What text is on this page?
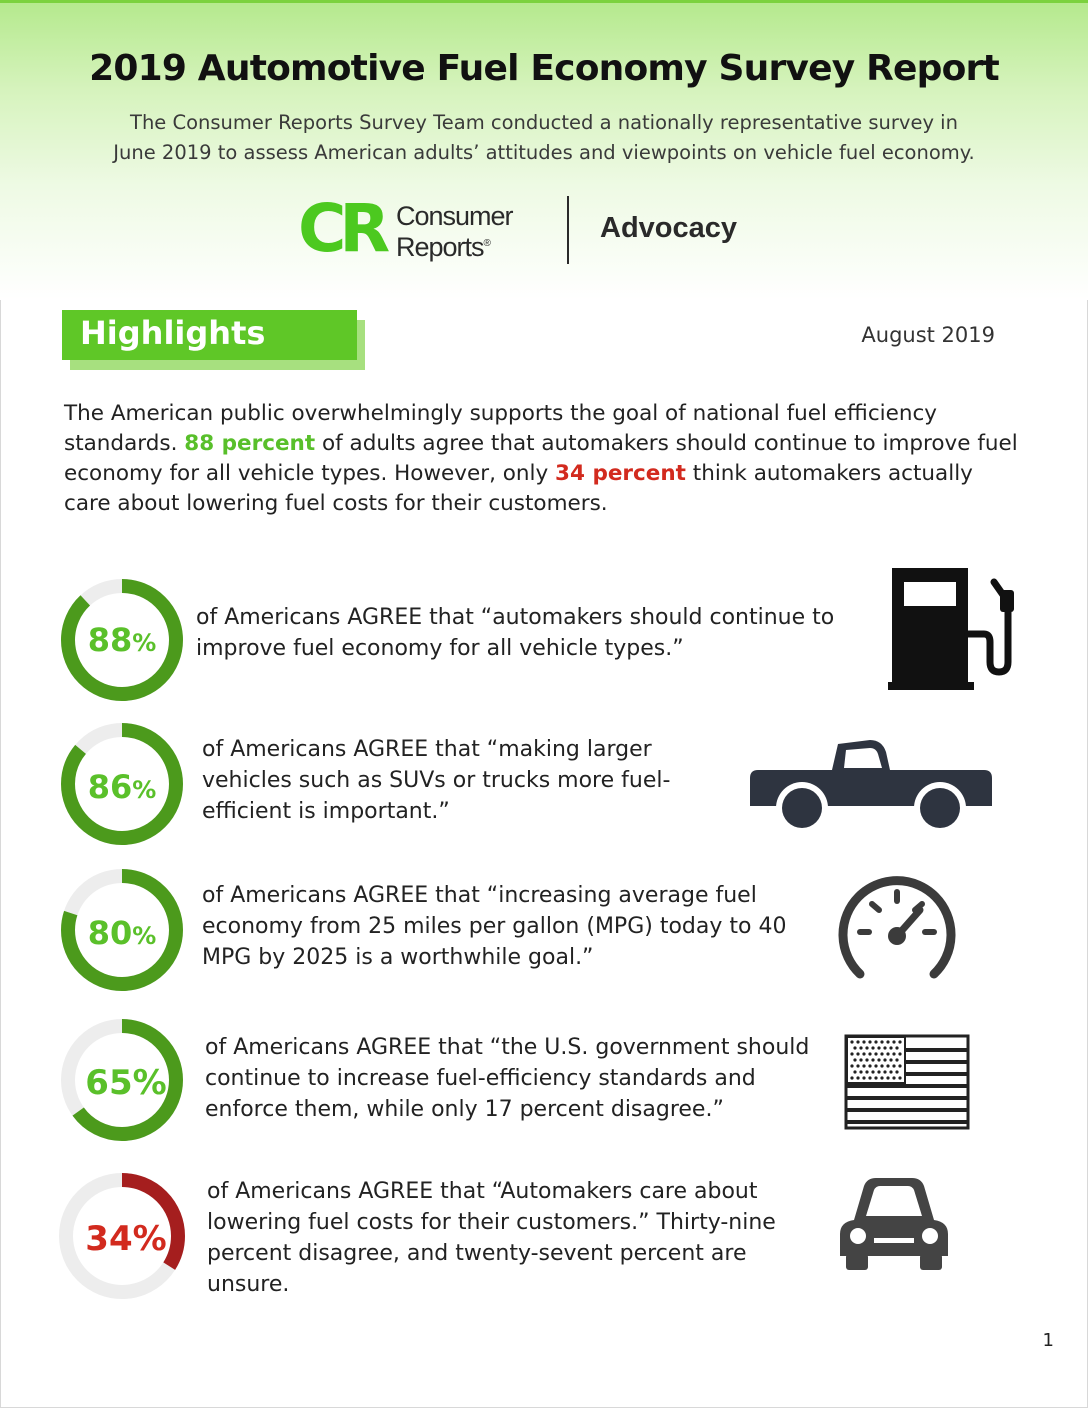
2019 Automotive Fuel Economy Survey Report

The Consumer Reports Survey Team conducted a nationally representative survey in
June 2019 to assess American adults’ attitudes and viewpoints on vehicle fuel economy.

CR Consumer
Reports®	Advocacy
Highlights	August 2019

The American public overwhelmingly supports the goal of national fuel efficiency standards. 88 percent of adults agree that automakers should continue to improve fuel economy for all vehicle types. However, only 34 percent think automakers actually care about lowering fuel costs for their customers.

88%

of Americans AGREE that “automakers should continue to improve fuel economy for all vehicle types.”

86%

of Americans AGREE that “making larger vehicles such as SUVs or trucks more fuel-efficient is important.”

80%

of Americans AGREE that “increasing average fuel economy from 25 miles per gallon (MPG) today to 40 MPG by 2025 is a worthwhile goal.”

65%

of Americans AGREE that “the U.S. government should continue to increase fuel-efficiency standards and enforce them, while only 17 percent disagree.”

34%

of Americans AGREE that “Automakers care about lowering fuel costs for their customers.” Thirty-nine percent disagree, and twenty-sevent percent are unsure.

1
